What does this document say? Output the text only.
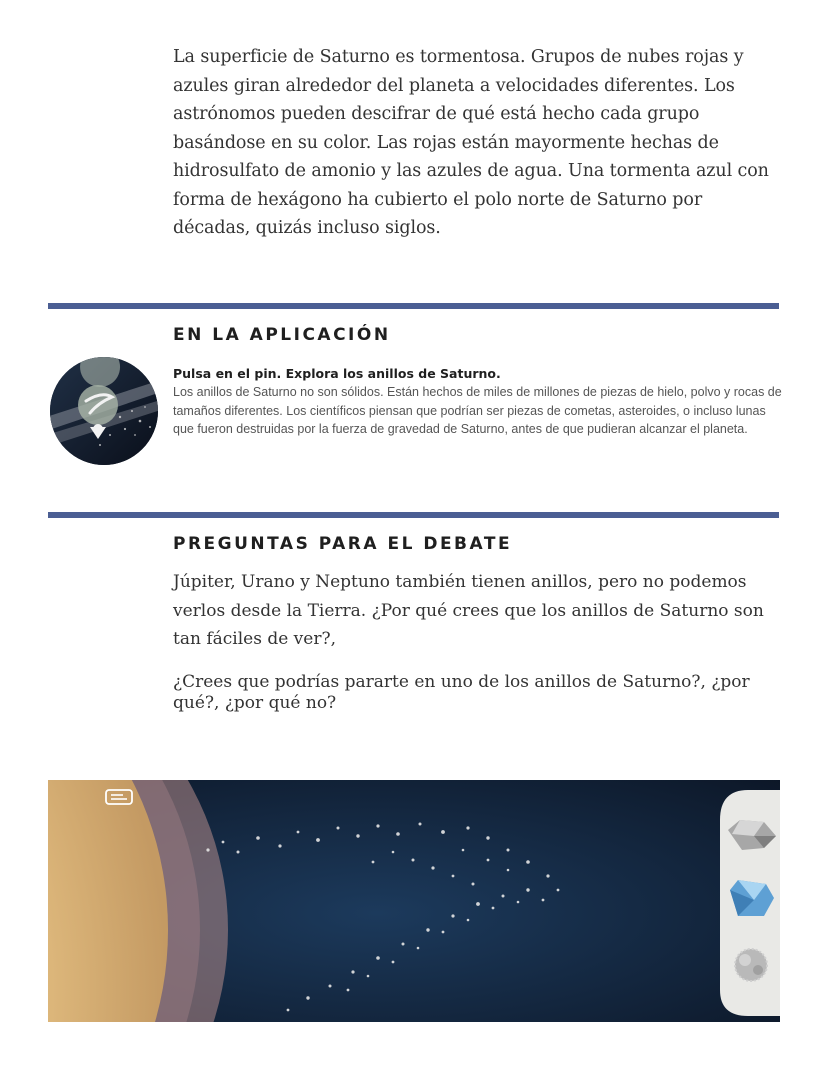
La superficie de Saturno es tormentosa. Grupos de nubes rojas y azules giran alrededor del planeta a velocidades diferentes. Los astrónomos pueden descifrar de qué está hecho cada grupo basándose en su color. Las rojas están mayormente hechas de hidrosulfato de amonio y las azules de agua. Una tormenta azul con forma de hexágono ha cubierto el polo norte de Saturno por décadas, quizás incluso siglos.
EN LA APLICACIÓN
Pulsa en el pin. Explora los anillos de Saturno.
Los anillos de Saturno no son sólidos. Están hechos de miles de millones de piezas de hielo, polvo y rocas de tamaños diferentes. Los científicos piensan que podrían ser piezas de cometas, asteroides, o incluso lunas que fueron destruidas por la fuerza de gravedad de Saturno, antes de que pudieran alcanzar el planeta.
PREGUNTAS PARA EL DEBATE
Júpiter, Urano y Neptuno también tienen anillos, pero no podemos verlos desde la Tierra. ¿Por qué crees que los anillos de Saturno son tan fáciles de ver?,
¿Crees que podrías pararte en uno de los anillos de Saturno?, ¿por qué?, ¿por qué no?
